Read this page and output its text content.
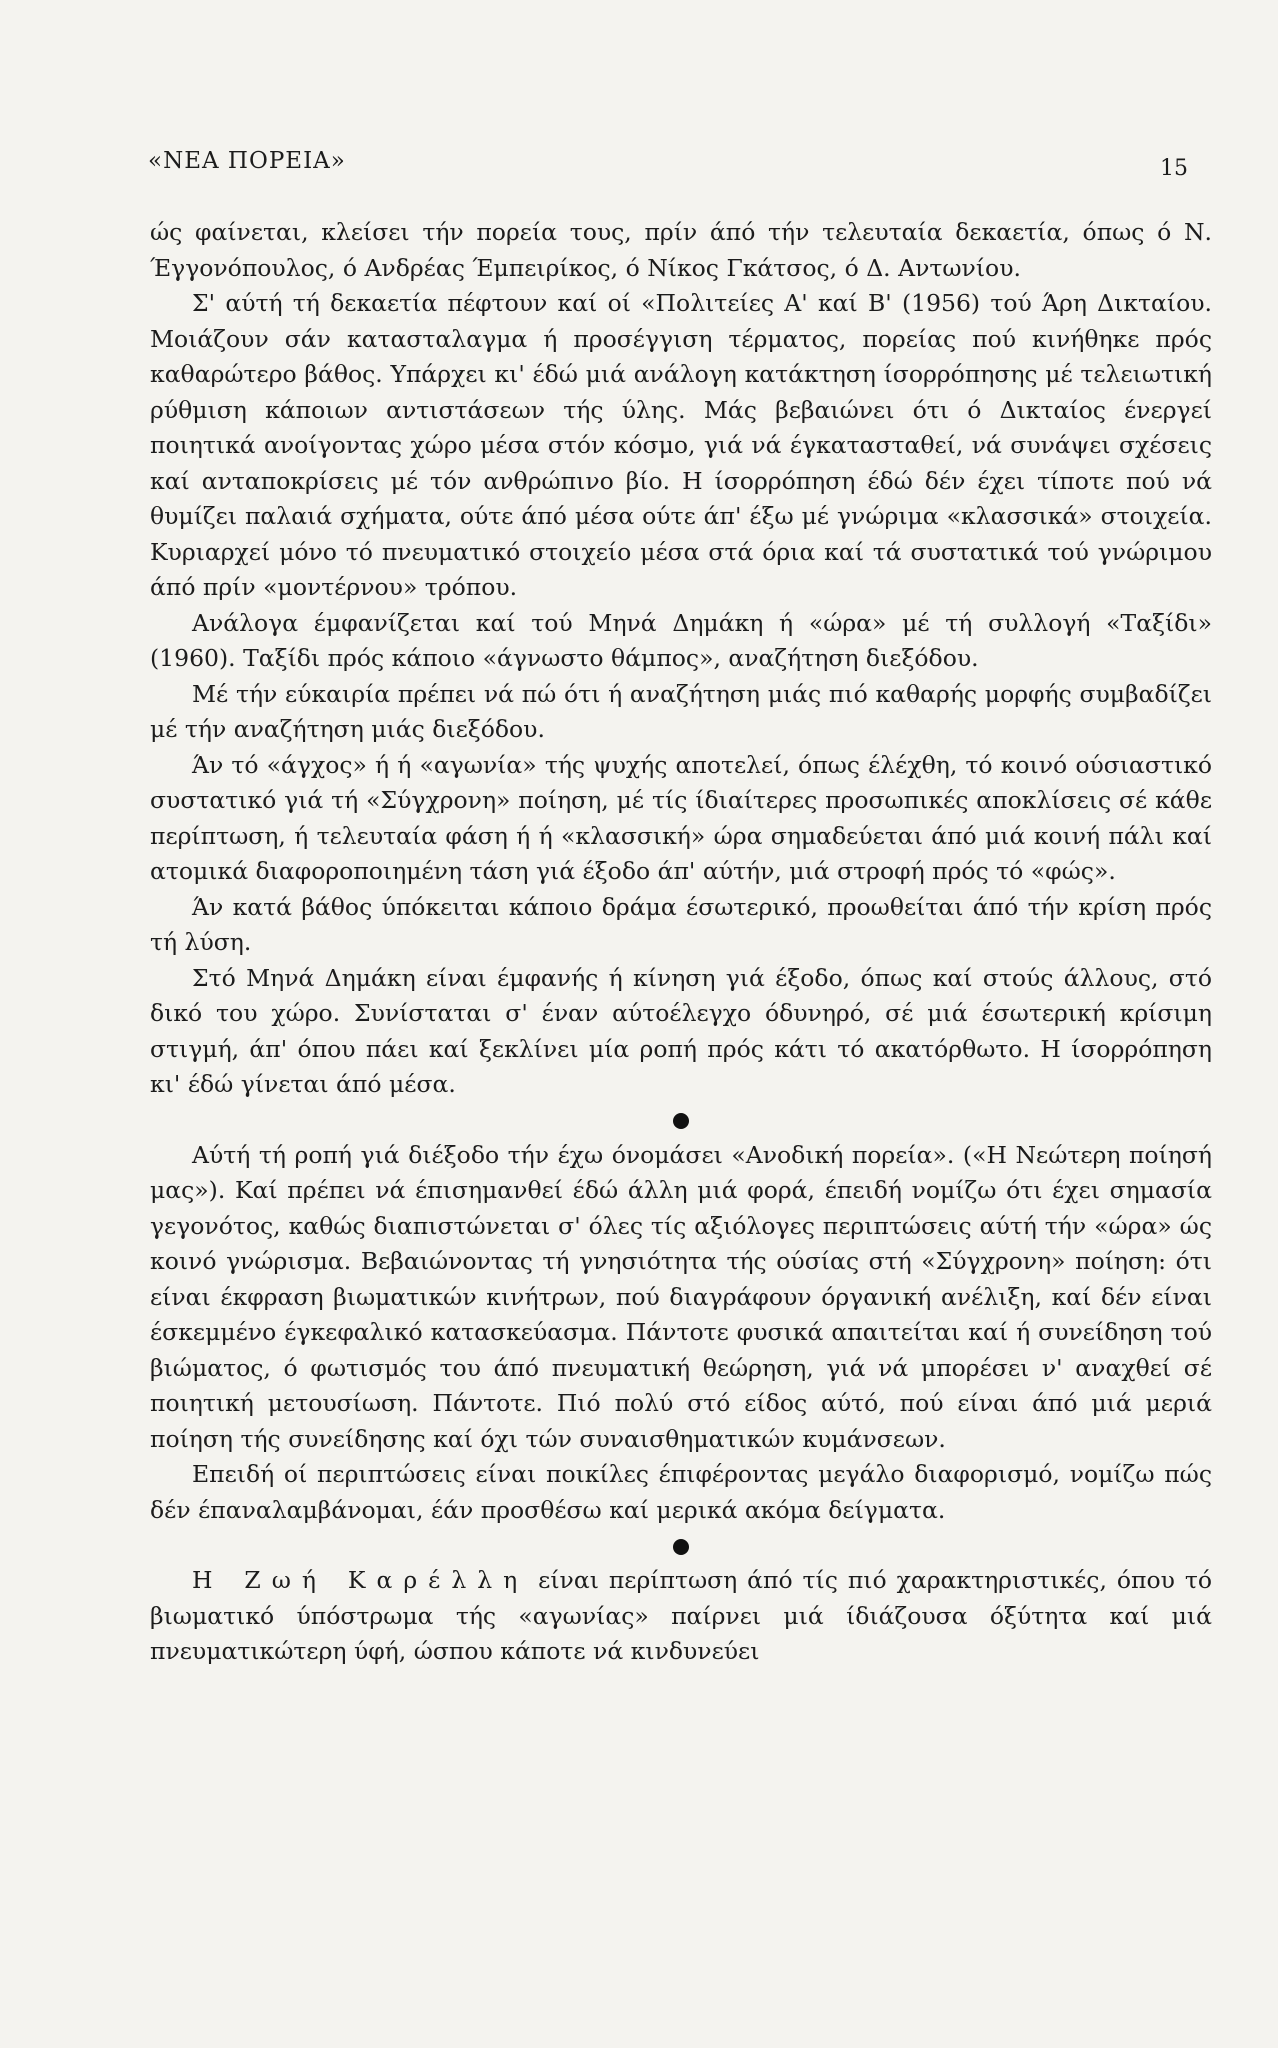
«ΝΕΑ ΠΟΡΕΙΑ»	15

ώς φαίνεται, κλείσει τήν πορεία τους, πρίν άπό τήν τελευταία δεκαετία, όπως ό Ν. Έγγονόπουλος, ό Ανδρέας Έμπειρίκος, ό Νίκος Γκάτσος, ό Δ. Αντωνίου.

Σ' αύτή τή δεκαετία πέφτουν καί οί «Πολιτείες Α' καί Β' (1956) τού Άρη Δικταίου. Μοιάζουν σάν κατασταλαγμα ή προσέγγιση τέρματος, πορείας πού κινήθηκε πρός καθαρώτερο βάθος. Υπάρχει κι' έδώ μιά ανάλογη κατάκτηση ίσορρόπησης μέ τελειωτική ρύθμιση κάποιων αντιστάσεων τής ύλης. Μάς βεβαιώνει ότι ό Δικταίος ένεργεί ποιητικά ανοίγοντας χώρο μέσα στόν κόσμο, γιά νά έγκατασταθεί, νά συνάψει σχέσεις καί ανταποκρίσεις μέ τόν ανθρώπινο βίο. Η ίσορρόπηση έδώ δέν έχει τίποτε πού νά θυμίζει παλαιά σχήματα, ούτε άπό μέσα ούτε άπ' έξω μέ γνώριμα «κλασσικά» στοιχεία. Κυριαρχεί μόνο τό πνευματικό στοιχείο μέσα στά όρια καί τά συστατικά τού γνώριμου άπό πρίν «μοντέρνου» τρόπου.

Ανάλογα έμφανίζεται καί τού Μηνά Δημάκη ή «ώρα» μέ τή συλλογή «Ταξίδι» (1960). Ταξίδι πρός κάποιο «άγνωστο θάμπος», αναζήτηση διεξόδου.

Μέ τήν εύκαιρία πρέπει νά πώ ότι ή αναζήτηση μιάς πιό καθαρής μορφής συμβαδίζει μέ τήν αναζήτηση μιάς διεξόδου.

Άν τό «άγχος» ή ή «αγωνία» τής ψυχής αποτελεί, όπως έλέχθη, τό κοινό ούσιαστικό συστατικό γιά τή «Σύγχρονη» ποίηση, μέ τίς ίδιαίτερες προσωπικές αποκλίσεις σέ κάθε περίπτωση, ή τελευταία φάση ή ή «κλασσική» ώρα σημαδεύεται άπό μιά κοινή πάλι καί ατομικά διαφοροποιημένη τάση γιά έξοδο άπ' αύτήν, μιά στροφή πρός τό «φώς».

Άν κατά βάθος ύπόκειται κάποιο δράμα έσωτερικό, προωθείται άπό τήν κρίση πρός τή λύση.

Στό Μηνά Δημάκη είναι έμφανής ή κίνηση γιά έξοδο, όπως καί στούς άλλους, στό δικό του χώρο. Συνίσταται σ' έναν αύτοέλεγχο όδυνηρό, σέ μιά έσωτερική κρίσιμη στιγμή, άπ' όπου πάει καί ξεκλίνει μία ροπή πρός κάτι τό ακατόρθωτο. Η ίσορρόπηση κι' έδώ γίνεται άπό μέσα.

Αύτή τή ροπή γιά διέξοδο τήν έχω όνομάσει «Ανοδική πορεία». («Η Νεώτερη ποίησή μας»). Καί πρέπει νά έπισημανθεί έδώ άλλη μιά φορά, έπειδή νομίζω ότι έχει σημασία γεγονότος, καθώς διαπιστώνεται σ' όλες τίς αξιόλογες περιπτώσεις αύτή τήν «ώρα» ώς κοινό γνώρισμα. Βεβαιώνοντας τή γνησιότητα τής ούσίας στή «Σύγχρονη» ποίηση: ότι είναι έκφραση βιωματικών κινήτρων, πού διαγράφουν όργανική ανέλιξη, καί δέν είναι έσκεμμένο έγκεφαλικό κατασκεύασμα. Πάντοτε φυσικά απαιτείται καί ή συνείδηση τού βιώματος, ό φωτισμός του άπό πνευματική θεώρηση, γιά νά μπορέσει ν' αναχθεί σέ ποιητική μετουσίωση. Πάντοτε. Πιό πολύ στό είδος αύτό, πού είναι άπό μιά μεριά ποίηση τής συνείδησης καί όχι τών συναισθηματικών κυμάνσεων.

Επειδή οί περιπτώσεις είναι ποικίλες έπιφέροντας μεγάλο διαφορισμό, νομίζω πώς δέν έπαναλαμβάνομαι, έάν προσθέσω καί μερικά ακόμα δείγματα.

Η Ζωή Καρέλλη είναι περίπτωση άπό τίς πιό χαρακτηριστικές, όπου τό βιωματικό ύπόστρωμα τής «αγωνίας» παίρνει μιά ίδιάζουσα όξύτητα καί μιά πνευματικώτερη ύφή, ώσπου κάποτε νά κινδυνεύει
